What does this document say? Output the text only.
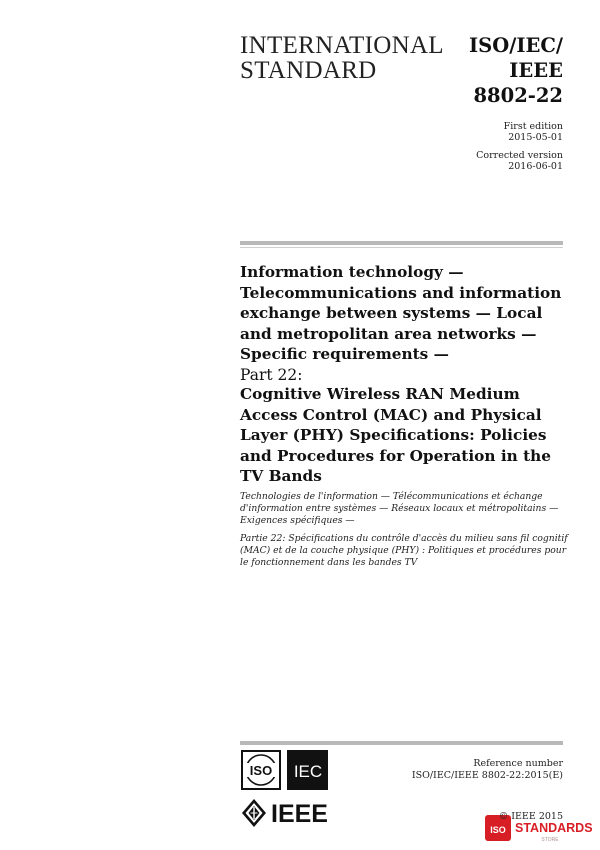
INTERNATIONAL
STANDARD
ISO/IEC/
IEEE
8802-22
First edition
2015-05-01
Corrected version
2016-06-01
Information technology —
Telecommunications and information
exchange between systems — Local
and metropolitan area networks —
Specific requirements —
Part 22:
Cognitive Wireless RAN Medium
Access Control (MAC) and Physical
Layer (PHY) Specifications: Policies
and Procedures for Operation in the
TV Bands
Technologies de l'information — Télécommunications et échange
d'information entre systèmes — Réseaux locaux et métropolitains —
Exigences spécifiques —
Partie 22: Spécifications du contrôle d'accès du milieu sans fil cognitif
(MAC) et de la couche physique (PHY) : Politiques et procédures pour
le fonctionnement dans les bandes TV
ISO IEC
IEEE
Reference number
ISO/IEC/IEEE 8802-22:2015(E)
ISO STANDARDS
STORE
© IEEE 2015
